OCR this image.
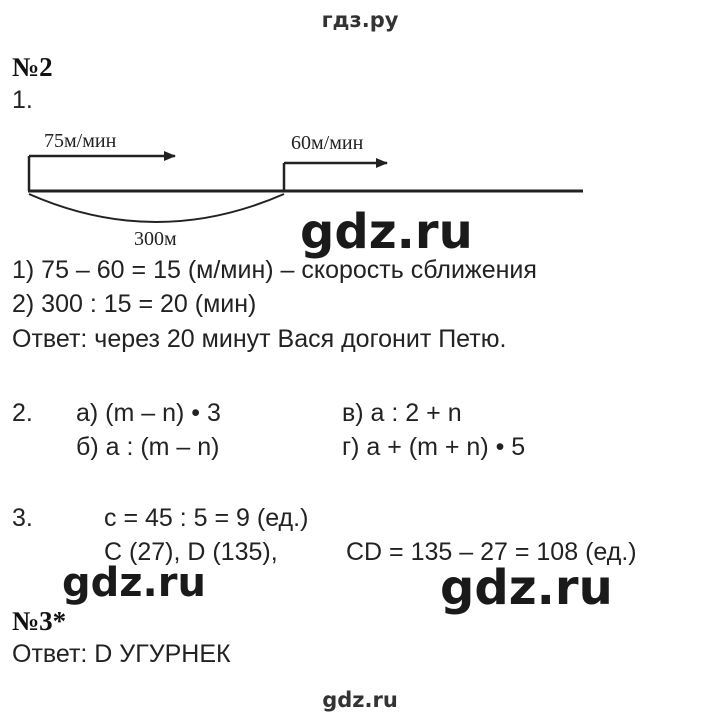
гдз.ру
№2
1.
75м/мин	60м/мин
300м	gdz.ru
1) 75 – 60 = 15 (м/мин) – скорость сближения
2) 300 : 15 = 20 (мин)
Ответ: через 20 минут Вася догонит Петю.
2. а) (m – n) • 3	в) a : 2 + n
б) a : (m – n)	г) a + (m + n) • 5
3.	c = 45 : 5 = 9 (ед.)
C (27), D (135),	CD = 135 – 27 = 108 (ед.)
gdz.ru	gdz.ru
№3*
Ответ: D УГУРНЕК
gdz.ru
